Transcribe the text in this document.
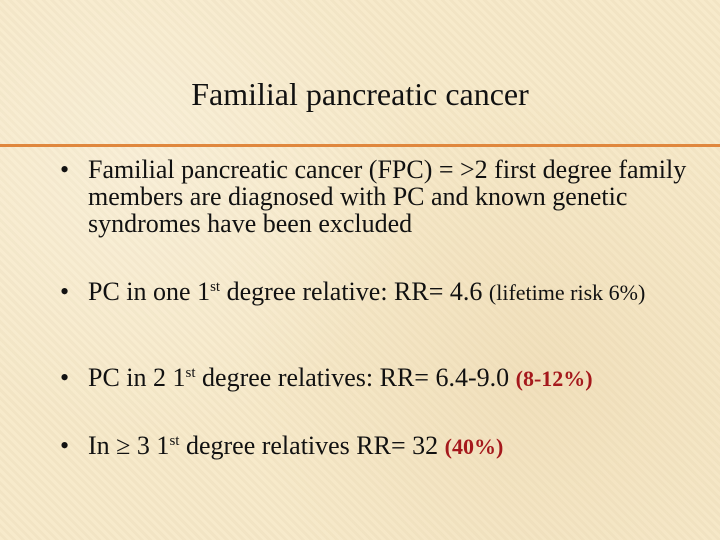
Familial pancreatic cancer
• Familial pancreatic cancer (FPC) = >2 first degree family members are diagnosed with PC and known genetic syndromes have been excluded
• PC in one 1st degree relative: RR= 4.6 (lifetime risk 6%)
• PC in 2 1st degree relatives: RR= 6.4-9.0 (8-12%)
• In ≥ 3 1st degree relatives RR= 32 (40%)
